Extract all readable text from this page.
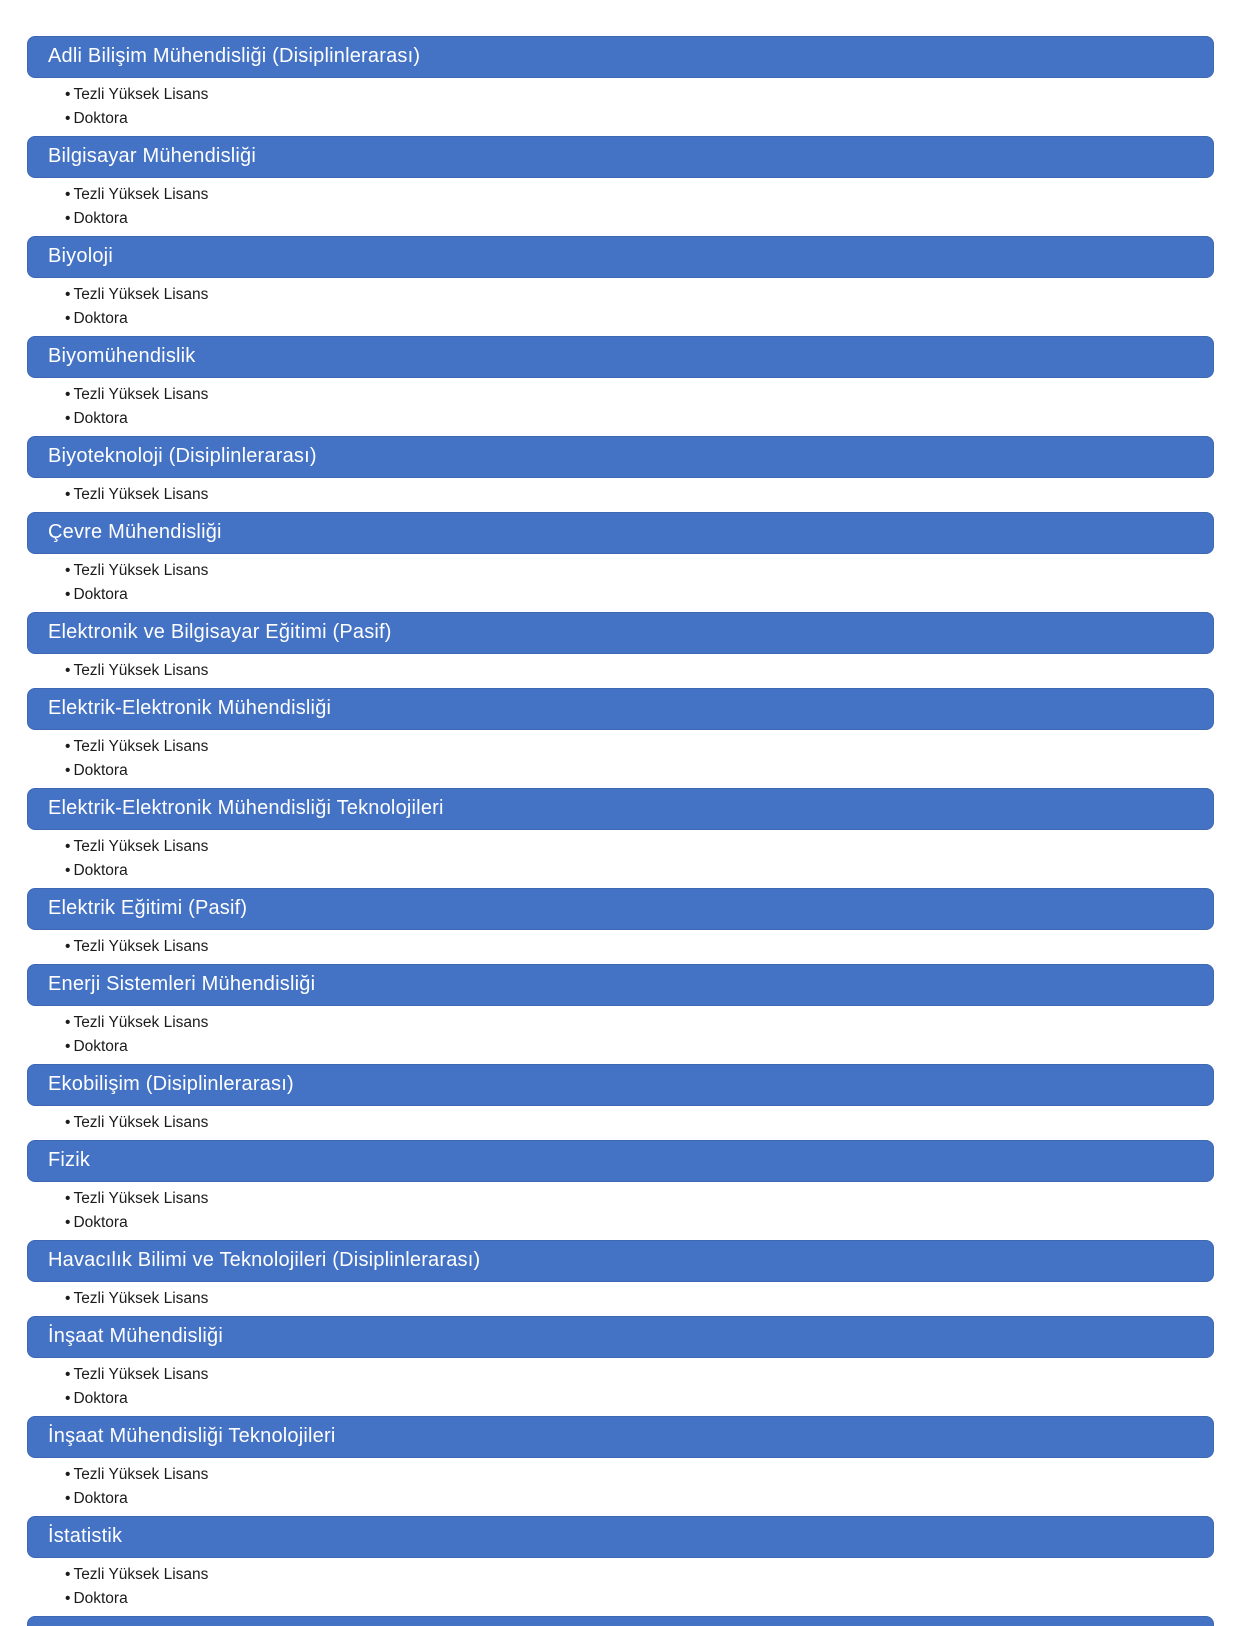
Adli Bilişim Mühendisliği (Disiplinlerarası)
• Tezli Yüksek Lisans
• Doktora
Bilgisayar Mühendisliği
• Tezli Yüksek Lisans
• Doktora
Biyoloji
• Tezli Yüksek Lisans
• Doktora
Biyomühendislik
• Tezli Yüksek Lisans
• Doktora
Biyoteknoloji (Disiplinlerarası)
• Tezli Yüksek Lisans
Çevre Mühendisliği
• Tezli Yüksek Lisans
• Doktora
Elektronik ve Bilgisayar Eğitimi (Pasif)
• Tezli Yüksek Lisans
Elektrik-Elektronik Mühendisliği
• Tezli Yüksek Lisans
• Doktora
Elektrik-Elektronik Mühendisliği Teknolojileri
• Tezli Yüksek Lisans
• Doktora
Elektrik Eğitimi (Pasif)
• Tezli Yüksek Lisans
Enerji Sistemleri Mühendisliği
• Tezli Yüksek Lisans
• Doktora
Ekobilişim (Disiplinlerarası)
• Tezli Yüksek Lisans
Fizik
• Tezli Yüksek Lisans
• Doktora
Havacılık Bilimi ve Teknolojileri (Disiplinlerarası)
• Tezli Yüksek Lisans
İnşaat Mühendisliği
• Tezli Yüksek Lisans
• Doktora
İnşaat Mühendisliği Teknolojileri
• Tezli Yüksek Lisans
• Doktora
İstatistik
• Tezli Yüksek Lisans
• Doktora
